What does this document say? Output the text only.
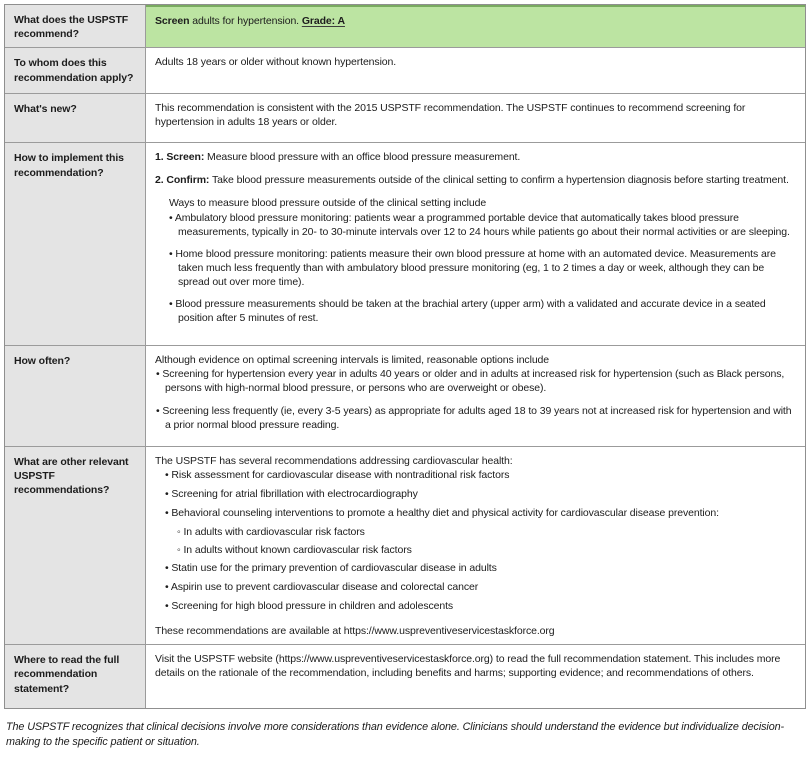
What does the USPSTF recommend?
Screen adults for hypertension. Grade: A
To whom does this recommendation apply?
Adults 18 years or older without known hypertension.
What's new?	This recommendation is consistent with the 2015 USPSTF recommendation. The USPSTF continues to recommend screening for hypertension in adults 18 years or older.
How to implement this recommendation?
1. Screen: Measure blood pressure with an office blood pressure measurement.
2. Confirm: Take blood pressure measurements outside of the clinical setting to confirm a hypertension diagnosis before starting treatment.
Ways to measure blood pressure outside of the clinical setting include
• Ambulatory blood pressure monitoring: patients wear a programmed portable device that automatically takes blood pressure measurements, typically in 20- to 30-minute intervals over 12 to 24 hours while patients go about their normal activities or are sleeping.
• Home blood pressure monitoring: patients measure their own blood pressure at home with an automated device. Measurements are taken much less frequently than with ambulatory blood pressure monitoring (eg, 1 to 2 times a day or week, although they can be spread out over more time).
• Blood pressure measurements should be taken at the brachial artery (upper arm) with a validated and accurate device in a seated position after 5 minutes of rest.
How often?	Although evidence on optimal screening intervals is limited, reasonable options include
• Screening for hypertension every year in adults 40 years or older and in adults at increased risk for hypertension (such as Black persons, persons with high-normal blood pressure, or persons who are overweight or obese).
• Screening less frequently (ie, every 3-5 years) as appropriate for adults aged 18 to 39 years not at increased risk for hypertension and with a prior normal blood pressure reading.
What are other relevant USPSTF recommendations?
The USPSTF has several recommendations addressing cardiovascular health:
• Risk assessment for cardiovascular disease with nontraditional risk factors
• Screening for atrial fibrillation with electrocardiography
• Behavioral counseling interventions to promote a healthy diet and physical activity for cardiovascular disease prevention:
◦ In adults with cardiovascular risk factors
◦ In adults without known cardiovascular risk factors
• Statin use for the primary prevention of cardiovascular disease in adults
• Aspirin use to prevent cardiovascular disease and colorectal cancer
• Screening for high blood pressure in children and adolescents
These recommendations are available at https://www.uspreventiveservicestaskforce.org
Where to read the full recommendation statement?
Visit the USPSTF website (https://www.uspreventiveservicestaskforce.org) to read the full recommendation statement. This includes more details on the rationale of the recommendation, including benefits and harms; supporting evidence; and recommendations of others.
The USPSTF recognizes that clinical decisions involve more considerations than evidence alone. Clinicians should understand the evidence but individualize decision-making to the specific patient or situation.
